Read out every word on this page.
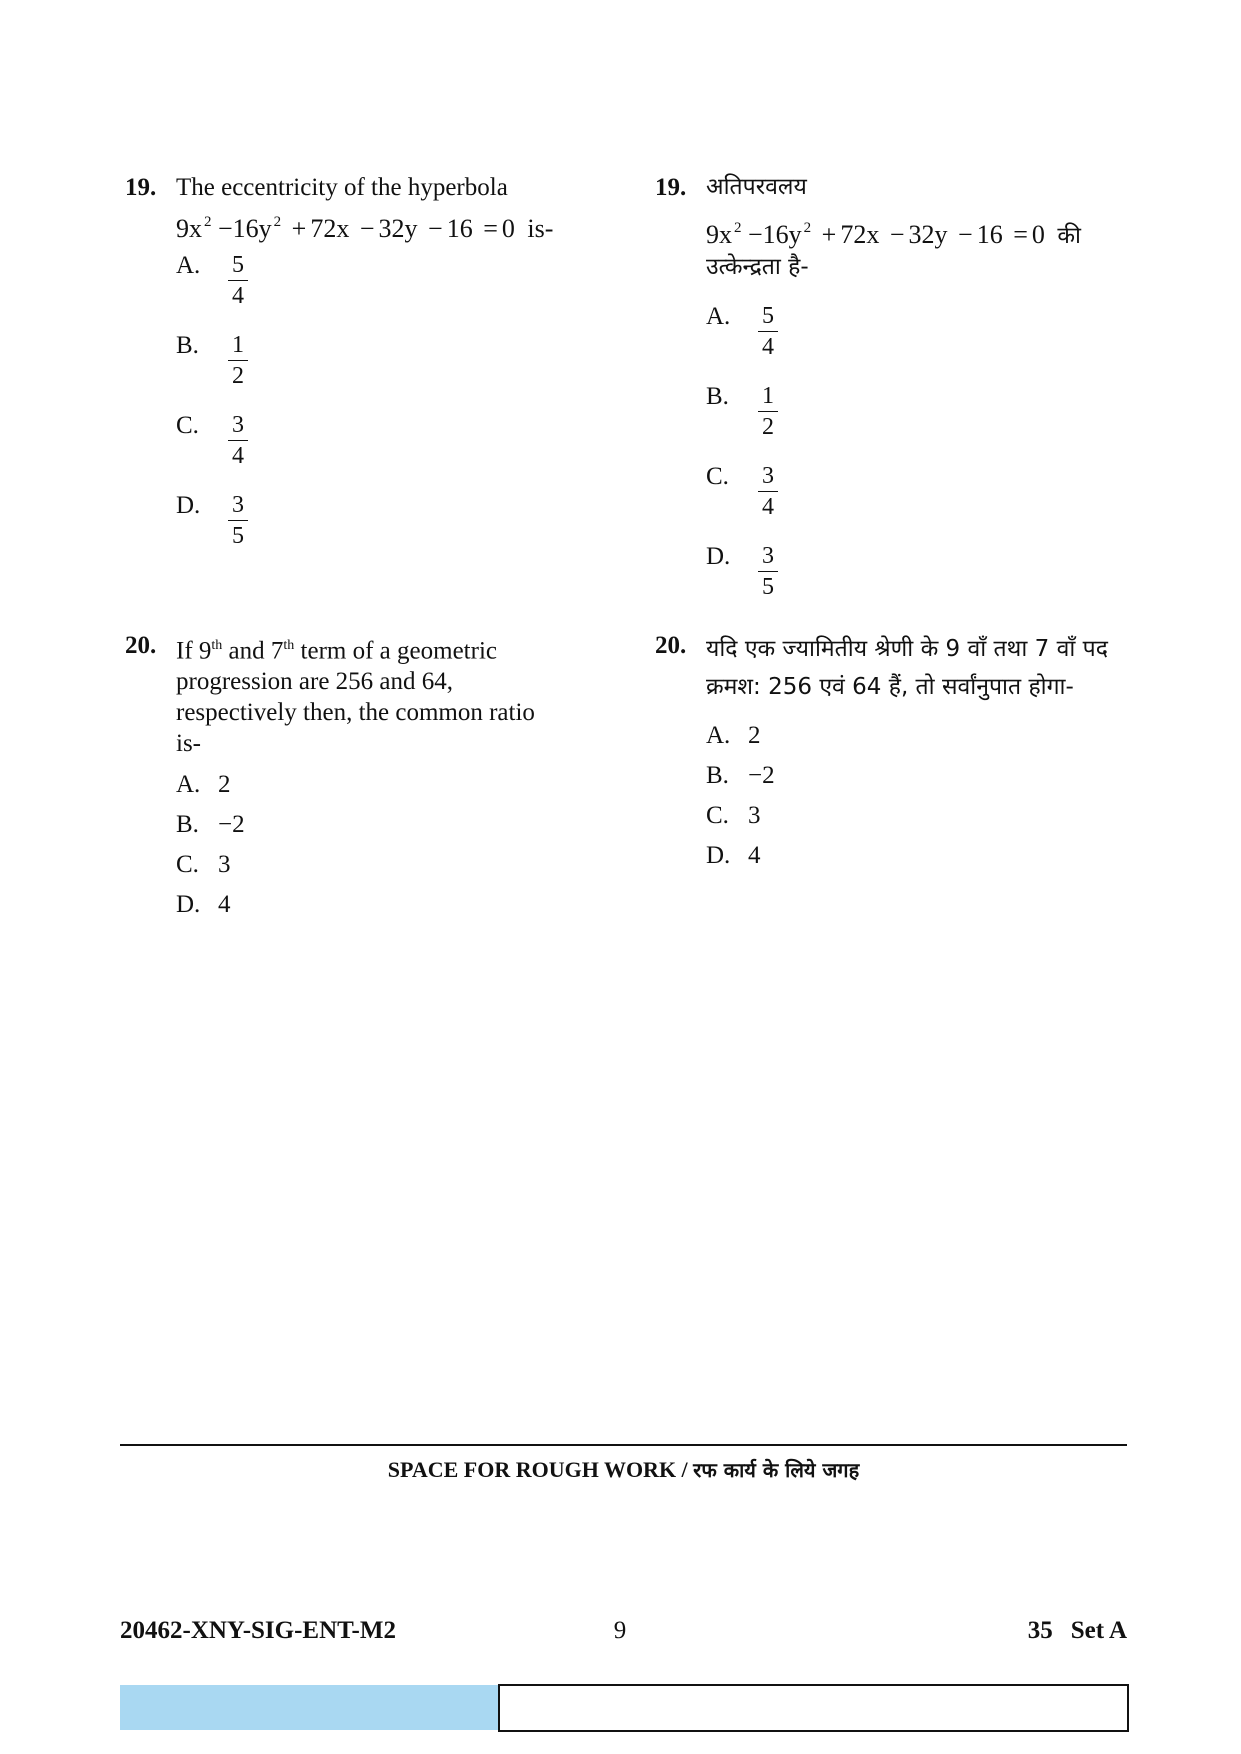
19. The eccentricity of the hyperbola
9x $^2$ −16y $^2$ + 72x − 32y − 16 = 0 is-
A.	$\frac{5}{4}$
B.	$\frac{1}{2}$
C.	$\frac{3}{4}$
D.	$\frac{3}{5}$
20. If 9th and 7th term of a geometric
progression are 256 and 64,
respectively then, the common ratio
is-
A. 2
B. −2
C. 3
D. 4
19. अतिपरवलय
9x $^2$ −16y $^2$ + 72x − 32y − 16 = 0 की
उत्केन्द्रता है-
A.	$\frac{5}{4}$
B.	$\frac{1}{2}$
C.	$\frac{3}{4}$
D.	$\frac{3}{5}$
20. यदि एक ज्यामितीय श्रेणी के 9 वाँ तथा 7 वाँ पद
क्रमश: 256 एवं 64 हैं, तो सर्वांनुपात होगा-
A. 2
B. −2
C. 3
D. 4
SPACE FOR ROUGH WORK / रफ कार्य के लिये जगह
20462-XNY-SIG-ENT-M2	9	35 Set A
